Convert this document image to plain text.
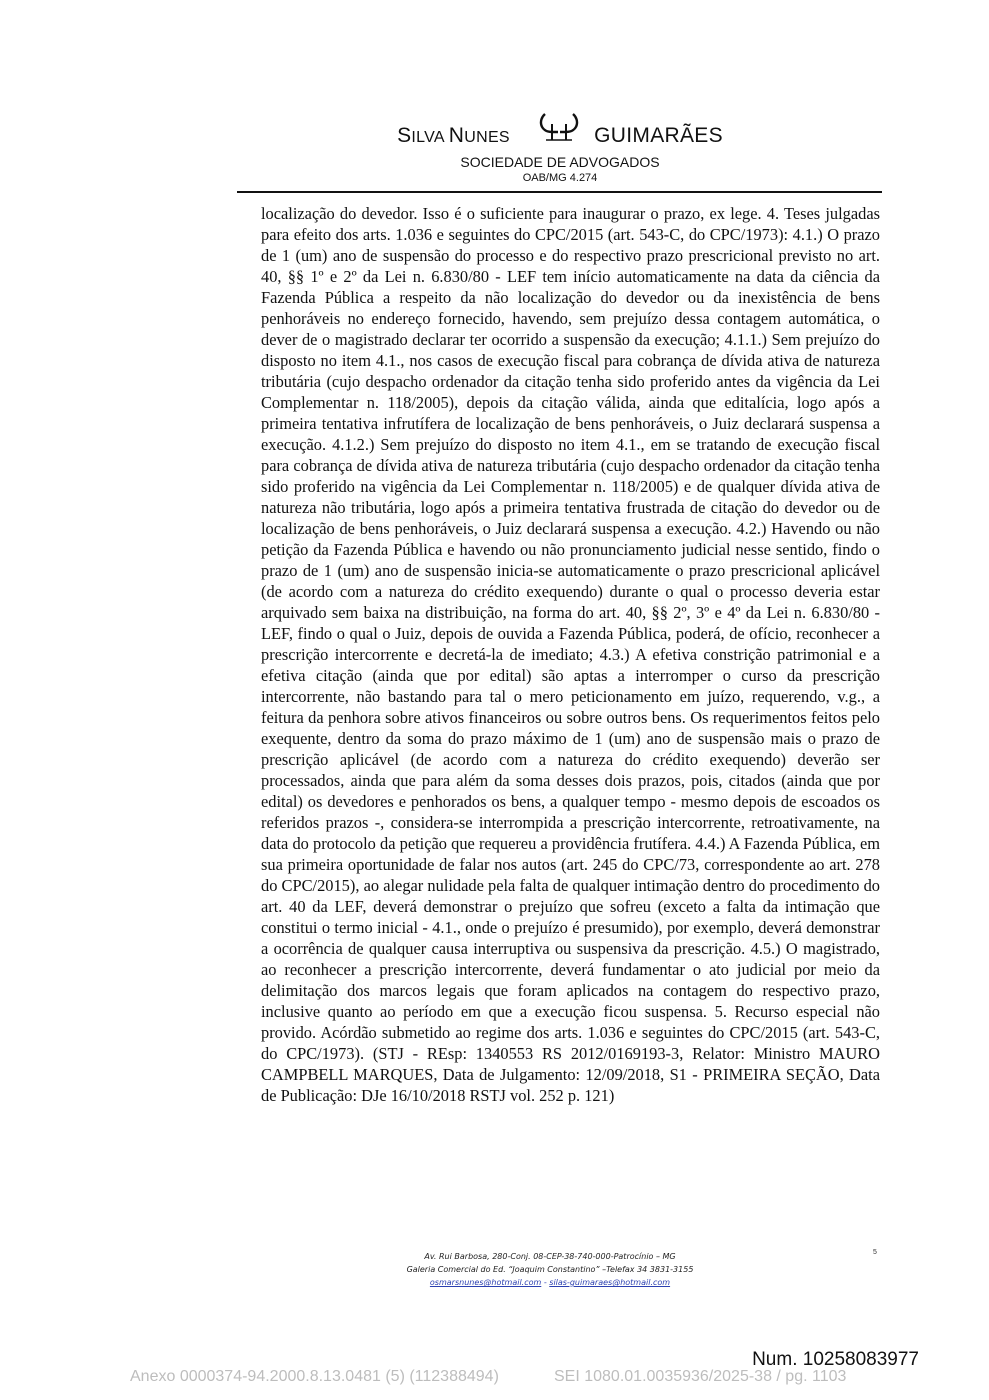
SILVA NUNES	GUIMARÃES
SOCIEDADE DE ADVOGADOS
OAB/MG 4.274

localização do devedor. Isso é o suficiente para inaugurar o prazo, ex lege. 4. Teses julgadas para efeito dos arts. 1.036 e seguintes do CPC/2015 (art. 543-C, do CPC/1973): 4.1.) O prazo de 1 (um) ano de suspensão do processo e do respectivo prazo prescricional previsto no art. 40, §§ 1º e 2º da Lei n. 6.830/80 - LEF tem início automaticamente na data da ciência da Fazenda Pública a respeito da não localização do devedor ou da inexistência de bens penhoráveis no endereço fornecido, havendo, sem prejuízo dessa contagem automática, o dever de o magistrado declarar ter ocorrido a suspensão da execução; 4.1.1.) Sem prejuízo do disposto no item 4.1., nos casos de execução fiscal para cobrança de dívida ativa de natureza tributária (cujo despacho ordenador da citação tenha sido proferido antes da vigência da Lei Complementar n. 118/2005), depois da citação válida, ainda que editalícia, logo após a primeira tentativa infrutífera de localização de bens penhoráveis, o Juiz declarará suspensa a execução. 4.1.2.) Sem prejuízo do disposto no item 4.1., em se tratando de execução fiscal para cobrança de dívida ativa de natureza tributária (cujo despacho ordenador da citação tenha sido proferido na vigência da Lei Complementar n. 118/2005) e de qualquer dívida ativa de natureza não tributária, logo após a primeira tentativa frustrada de citação do devedor ou de localização de bens penhoráveis, o Juiz declarará suspensa a execução. 4.2.) Havendo ou não petição da Fazenda Pública e havendo ou não pronunciamento judicial nesse sentido, findo o prazo de 1 (um) ano de suspensão inicia-se automaticamente o prazo prescricional aplicável (de acordo com a natureza do crédito exequendo) durante o qual o processo deveria estar arquivado sem baixa na distribuição, na forma do art. 40, §§ 2º, 3º e 4º da Lei n. 6.830/80 - LEF, findo o qual o Juiz, depois de ouvida a Fazenda Pública, poderá, de ofício, reconhecer a prescrição intercorrente e decretá-la de imediato; 4.3.) A efetiva constrição patrimonial e a efetiva citação (ainda que por edital) são aptas a interromper o curso da prescrição intercorrente, não bastando para tal o mero peticionamento em juízo, requerendo, v.g., a feitura da penhora sobre ativos financeiros ou sobre outros bens. Os requerimentos feitos pelo exequente, dentro da soma do prazo máximo de 1 (um) ano de suspensão mais o prazo de prescrição aplicável (de acordo com a natureza do crédito exequendo) deverão ser processados, ainda que para além da soma desses dois prazos, pois, citados (ainda que por edital) os devedores e penhorados os bens, a qualquer tempo - mesmo depois de escoados os referidos prazos -, considera-se interrompida a prescrição intercorrente, retroativamente, na data do protocolo da petição que requereu a providência frutífera. 4.4.) A Fazenda Pública, em sua primeira oportunidade de falar nos autos (art. 245 do CPC/73, correspondente ao art. 278 do CPC/2015), ao alegar nulidade pela falta de qualquer intimação dentro do procedimento do art. 40 da LEF, deverá demonstrar o prejuízo que sofreu (exceto a falta da intimação que constitui o termo inicial - 4.1., onde o prejuízo é presumido), por exemplo, deverá demonstrar a ocorrência de qualquer causa interruptiva ou suspensiva da prescrição. 4.5.) O magistrado, ao reconhecer a prescrição intercorrente, deverá fundamentar o ato judicial por meio da delimitação dos marcos legais que foram aplicados na contagem do respectivo prazo, inclusive quanto ao período em que a execução ficou suspensa. 5. Recurso especial não provido. Acórdão submetido ao regime dos arts. 1.036 e seguintes do CPC/2015 (art. 543-C, do CPC/1973). (STJ - REsp: 1340553 RS 2012/0169193-3, Relator: Ministro MAURO CAMPBELL MARQUES, Data de Julgamento: 12/09/2018, S1 - PRIMEIRA SEÇÃO, Data de Publicação: DJe 16/10/2018 RSTJ vol. 252 p. 121)

Av. Rui Barbosa, 280-Conj. 08-CEP-38-740-000-Patrocínio – MG
Galeria Comercial do Ed. “Joaquim Constantino” –Telefax 34 3831-3155
osmarsnunes@hotmail.com - silas-guimaraes@hotmail.com
5
Num. 10258083977
Anexo 0000374-94.2000.8.13.0481 (5) (112388494)	SEI 1080.01.0035936/2025-38 / pg. 1103
